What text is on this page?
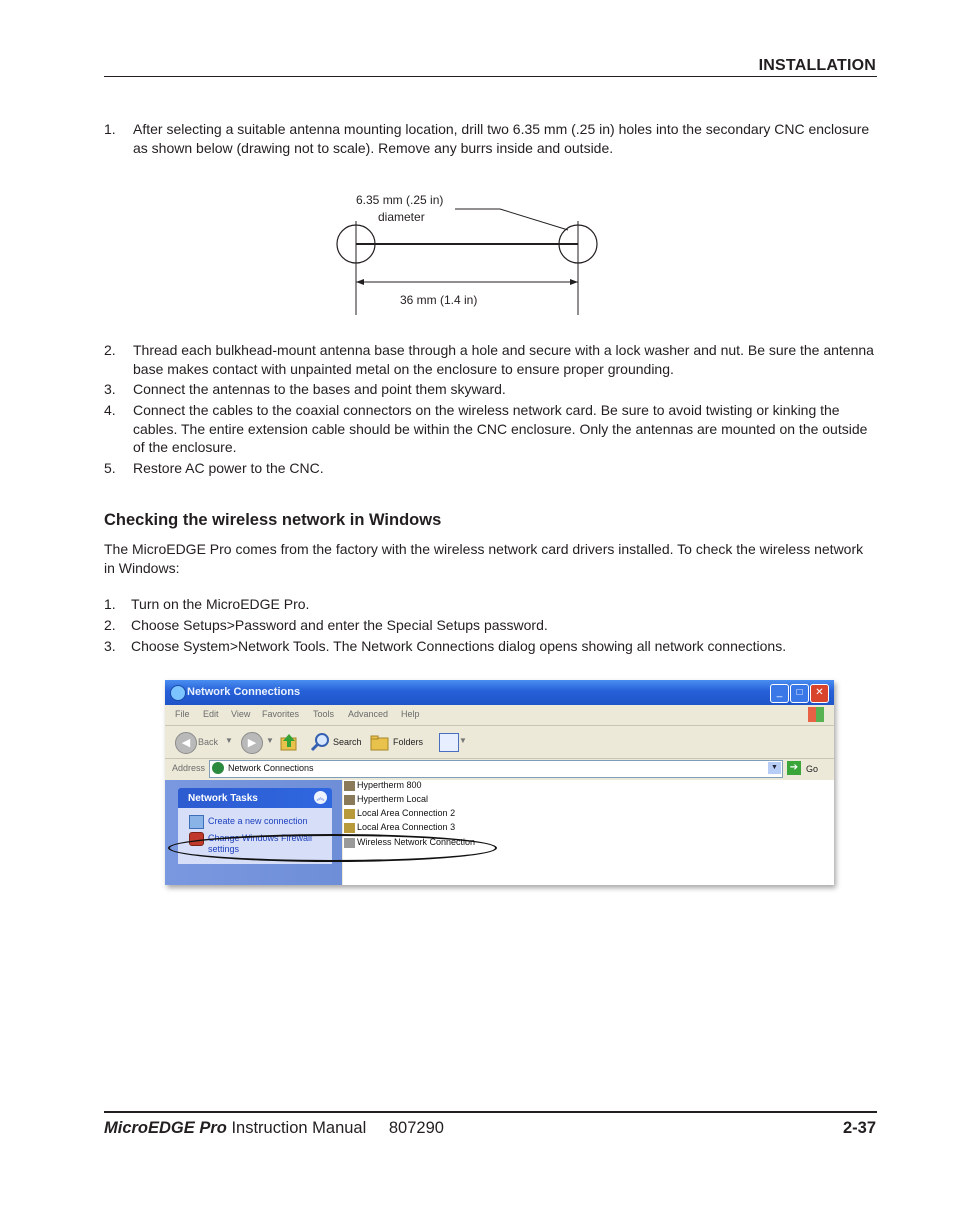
INSTALLATION
1.	After selecting a suitable antenna mounting location, drill two 6.35 mm (.25 in) holes into the secondary CNC enclosure as shown below (drawing not to scale). Remove any burrs inside and outside.
6.35 mm (.25 in)
diameter
36 mm (1.4 in)
2.	Thread each bulkhead-mount antenna base through a hole and secure with a lock washer and nut. Be sure the antenna base makes contact with unpainted metal on the enclosure to ensure proper grounding.
3.	Connect the antennas to the bases and point them skyward.
4.	Connect the cables to the coaxial connectors on the wireless network card. Be sure to avoid twisting or kinking the cables. The entire extension cable should be within the CNC enclosure. Only the antennas are mounted on the outside of the enclosure.
5.	Restore AC power to the CNC.
Checking the wireless network in Windows
The MicroEDGE Pro comes from the factory with the wireless network card drivers installed. To check the wireless network in Windows:
1.	Turn on the MicroEDGE Pro.
2.	Choose Setups>Password and enter the Special Setups password.
3.	Choose System>Network Tools. The Network Connections dialog opens showing all network connections.
Network Connections	_	□	✕
File Edit View Favorites Tools Advanced Help
◀ Back ▼	▶	▼	Search	Folders	▼
Address	Network Connections	▼	➔ Go
Network Tasks	︽
Create a new connection
Change Windows Firewall settings
Hypertherm 800
Hypertherm Local
Local Area Connection 2
Local Area Connection 3
Wireless Network Connection
MicroEDGE Pro Instruction Manual 807290	2-37
